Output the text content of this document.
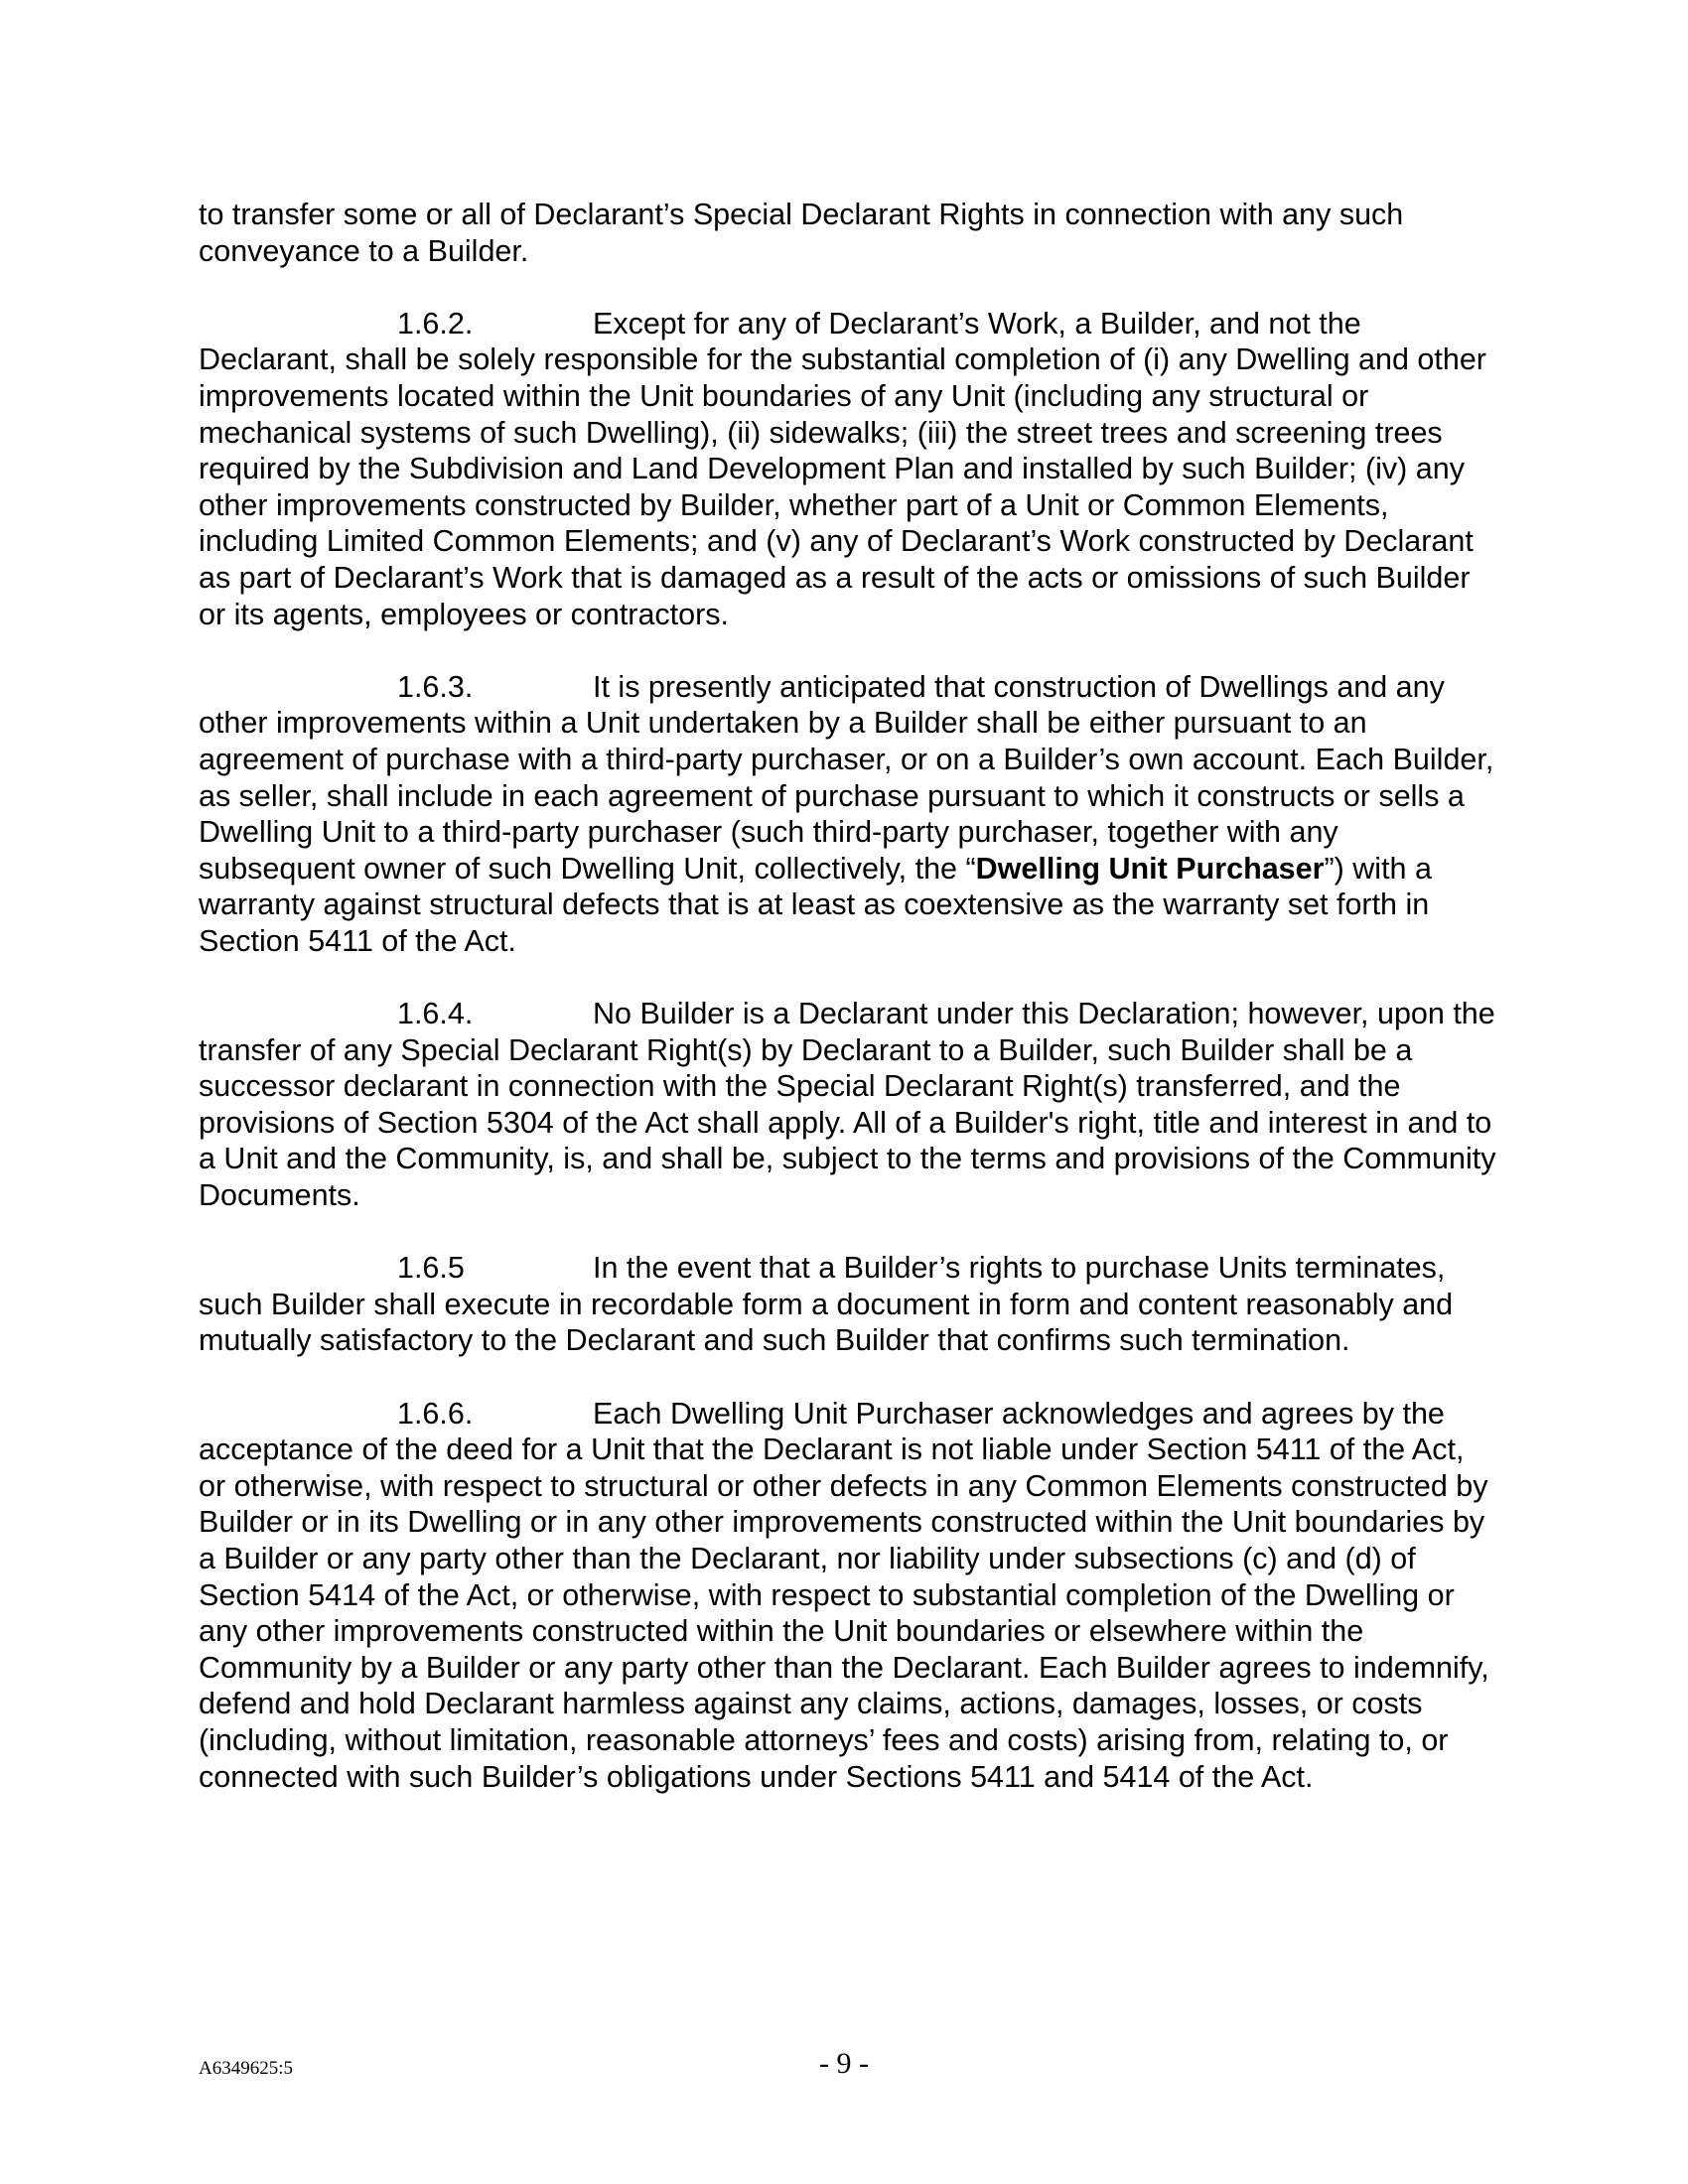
to transfer some or all of Declarant’s Special Declarant Rights in connection with any such conveyance to a Builder.

1.6.2.	Except for any of Declarant’s Work, a Builder, and not the Declarant, shall be solely responsible for the substantial completion of (i) any Dwelling and other improvements located within the Unit boundaries of any Unit (including any structural or mechanical systems of such Dwelling), (ii) sidewalks; (iii) the street trees and screening trees required by the Subdivision and Land Development Plan and installed by such Builder; (iv) any other improvements constructed by Builder, whether part of a Unit or Common Elements, including Limited Common Elements; and (v) any of Declarant’s Work constructed by Declarant as part of Declarant’s Work that is damaged as a result of the acts or omissions of such Builder or its agents, employees or contractors.

1.6.3.	It is presently anticipated that construction of Dwellings and any other improvements within a Unit undertaken by a Builder shall be either pursuant to an agreement of purchase with a third-party purchaser, or on a Builder’s own account. Each Builder, as seller, shall include in each agreement of purchase pursuant to which it constructs or sells a Dwelling Unit to a third-party purchaser (such third-party purchaser, together with any subsequent owner of such Dwelling Unit, collectively, the “Dwelling Unit Purchaser”) with a warranty against structural defects that is at least as coextensive as the warranty set forth in Section 5411 of the Act.

1.6.4.	No Builder is a Declarant under this Declaration; however, upon the transfer of any Special Declarant Right(s) by Declarant to a Builder, such Builder shall be a successor declarant in connection with the Special Declarant Right(s) transferred, and the provisions of Section 5304 of the Act shall apply. All of a Builder's right, title and interest in and to a Unit and the Community, is, and shall be, subject to the terms and provisions of the Community Documents.

1.6.5	In the event that a Builder’s rights to purchase Units terminates, such Builder shall execute in recordable form a document in form and content reasonably and mutually satisfactory to the Declarant and such Builder that confirms such termination.

1.6.6.	Each Dwelling Unit Purchaser acknowledges and agrees by the acceptance of the deed for a Unit that the Declarant is not liable under Section 5411 of the Act, or otherwise, with respect to structural or other defects in any Common Elements constructed by Builder or in its Dwelling or in any other improvements constructed within the Unit boundaries by a Builder or any party other than the Declarant, nor liability under subsections (c) and (d) of Section 5414 of the Act, or otherwise, with respect to substantial completion of the Dwelling or any other improvements constructed within the Unit boundaries or elsewhere within the Community by a Builder or any party other than the Declarant. Each Builder agrees to indemnify, defend and hold Declarant harmless against any claims, actions, damages, losses, or costs (including, without limitation, reasonable attorneys’ fees and costs) arising from, relating to, or connected with such Builder’s obligations under Sections 5411 and 5414 of the Act.

A6349625:5	- 9 -
